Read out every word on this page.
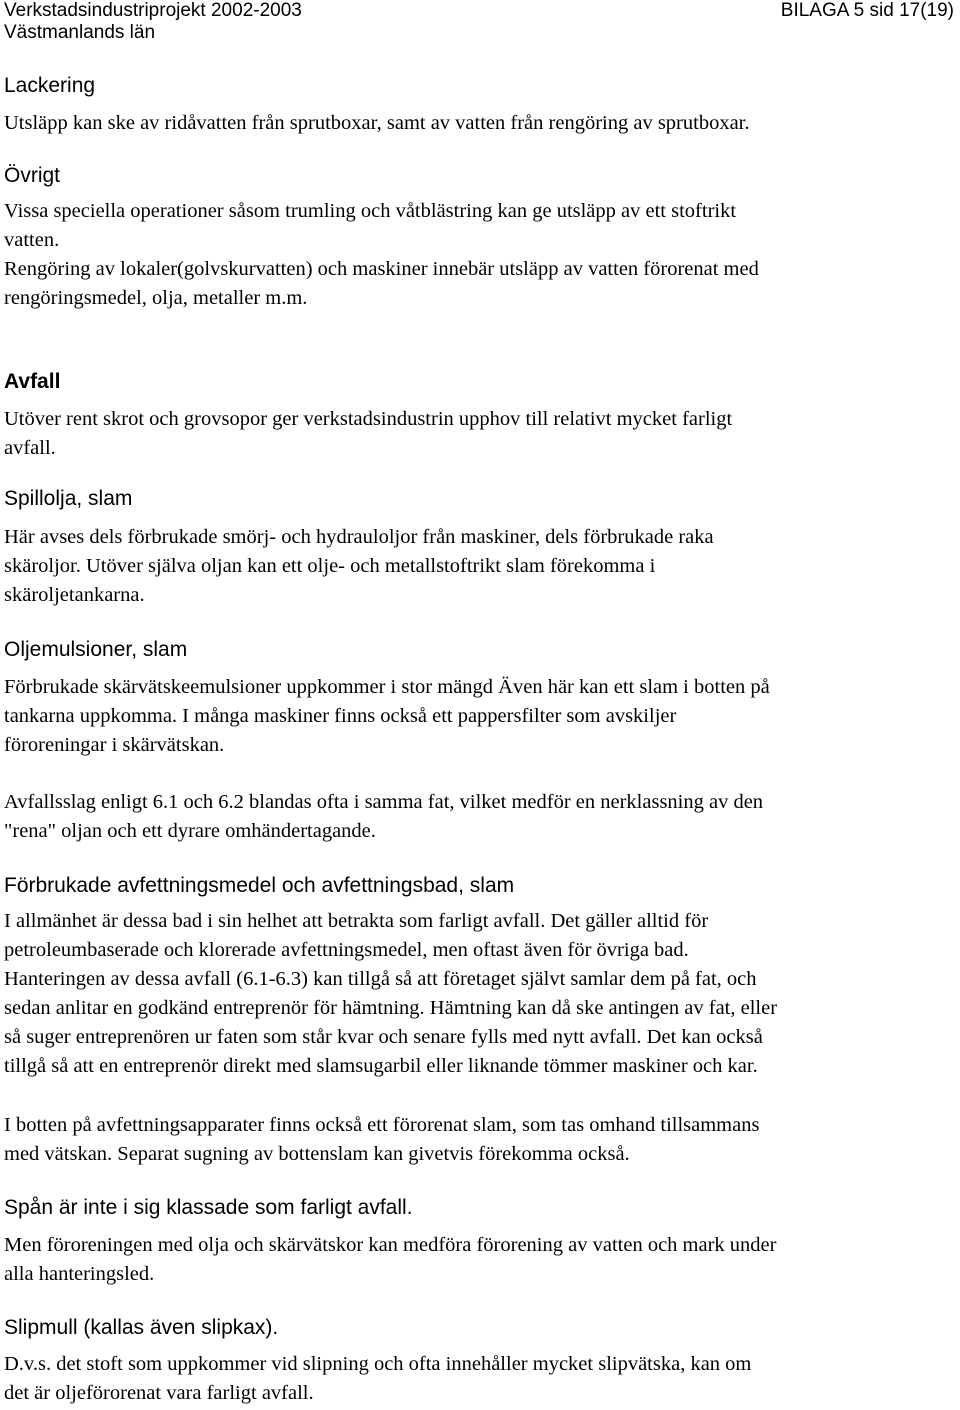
Verkstadsindustriprojekt 2002-2003
Västmanlands län
BILAGA 5 sid 17(19)
Lackering
Utsläpp kan ske av ridåvatten från sprutboxar, samt av vatten från rengöring av sprutboxar.
Övrigt
Vissa speciella operationer såsom trumling och våtblästring kan ge utsläpp av ett stoftrikt
vatten.
Rengöring av lokaler(golvskurvatten) och maskiner innebär utsläpp av vatten förorenat med
rengöringsmedel, olja, metaller m.m.
Avfall
Utöver rent skrot och grovsopor ger verkstadsindustrin upphov till relativt mycket farligt
avfall.
Spillolja, slam
Här avses dels förbrukade smörj- och hydrauloljor från maskiner, dels förbrukade raka
skäroljor. Utöver själva oljan kan ett olje- och metallstoftrikt slam förekomma i
skäroljetankarna.
Oljemulsioner, slam
Förbrukade skärvätskeemulsioner uppkommer i stor mängd Även här kan ett slam i botten på
tankarna uppkomma. I många maskiner finns också ett pappersfilter som avskiljer
föroreningar i skärvätskan.
Avfallsslag enligt 6.1 och 6.2 blandas ofta i samma fat, vilket medför en nerklassning av den
"rena" oljan och ett dyrare omhändertagande.
Förbrukade avfettningsmedel och avfettningsbad, slam
I allmänhet är dessa bad i sin helhet att betrakta som farligt avfall. Det gäller alltid för
petroleumbaserade och klorerade avfettningsmedel, men oftast även för övriga bad.
Hanteringen av dessa avfall (6.1-6.3) kan tillgå så att företaget självt samlar dem på fat, och
sedan anlitar en godkänd entreprenör för hämtning. Hämtning kan då ske antingen av fat, eller
så suger entreprenören ur faten som står kvar och senare fylls med nytt avfall. Det kan också
tillgå så att en entreprenör direkt med slamsugarbil eller liknande tömmer maskiner och kar.
I botten på avfettningsapparater finns också ett förorenat slam, som tas omhand tillsammans
med vätskan. Separat sugning av bottenslam kan givetvis förekomma också.
Spån är inte i sig klassade som farligt avfall.
Men föroreningen med olja och skärvätskor kan medföra förorening av vatten och mark under
alla hanteringsled.
Slipmull (kallas även slipkax).
D.v.s. det stoft som uppkommer vid slipning och ofta innehåller mycket slipvätska, kan om
det är oljeförorenat vara farligt avfall.
